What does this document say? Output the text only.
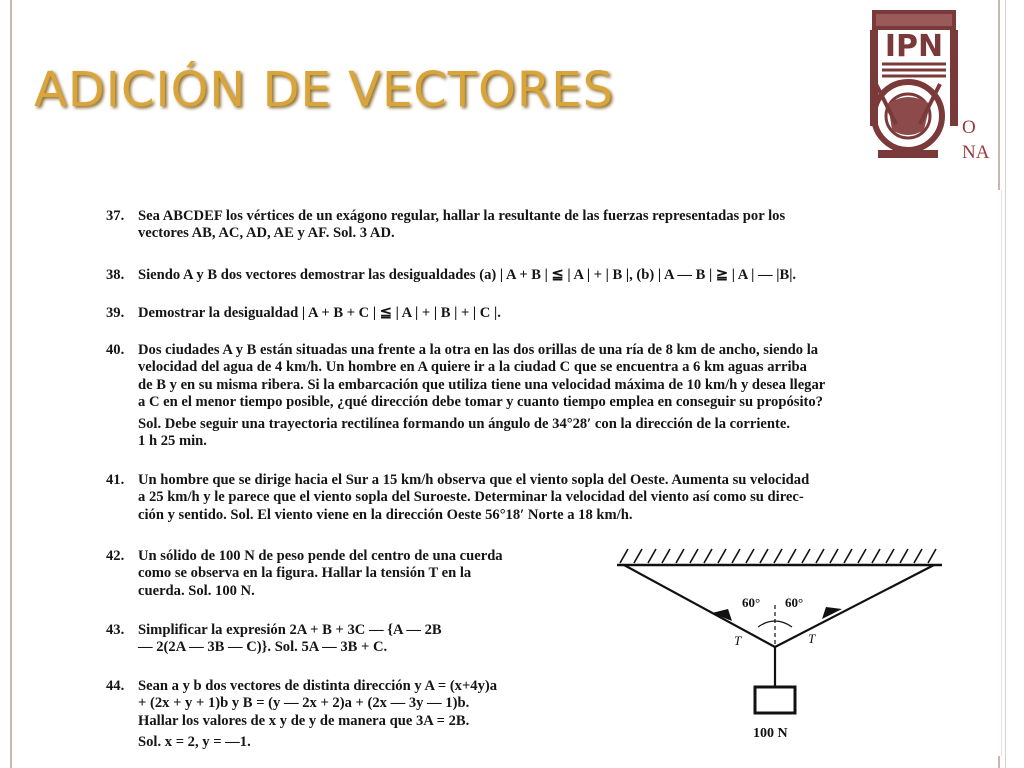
ADICIÓN DE VECTORES
IPN
O
NA
37. Sea ABCDEF los vértices de un exágono regular, hallar la resultante de las fuerzas representadas por los

vectores AB, AC, AD, AE y AF. Sol. 3 AD.

38. Siendo A y B dos vectores demostrar las desigualdades (a) | A + B | ≦ | A | + | B |, (b) | A — B | ≧ | A | — |B|.

39. Demostrar la desigualdad | A + B + C | ≦ | A | + | B | + | C |.

40. Dos ciudades A y B están situadas una frente a la otra en las dos orillas de una ría de 8 km de ancho, siendo la

velocidad del agua de 4 km/h. Un hombre en A quiere ir a la ciudad C que se encuentra a 6 km aguas arriba

de B y en su misma ribera. Si la embarcación que utiliza tiene una velocidad máxima de 10 km/h y desea llegar

a C en el menor tiempo posible, ¿qué dirección debe tomar y cuanto tiempo emplea en conseguir su propósito?

Sol. Debe seguir una trayectoria rectilínea formando un ángulo de 34°28′ con la dirección de la corriente.

1 h 25 min.

41. Un hombre que se dirige hacia el Sur a 15 km/h observa que el viento sopla del Oeste. Aumenta su velocidad

a 25 km/h y le parece que el viento sopla del Suroeste. Determinar la velocidad del viento así como su direc-

ción y sentido. Sol. El viento viene en la dirección Oeste 56°18′ Norte a 18 km/h.

42. Un sólido de 100 N de peso pende del centro de una cuerda

como se observa en la figura. Hallar la tensión T en la

cuerda. Sol. 100 N.

43. Simplificar la expresión 2A + B + 3C — {A — 2B

— 2(2A — 3B — C)}. Sol. 5A — 3B + C.

44. Sean a y b dos vectores de distinta dirección y A = (x+4y)a

+ (2x + y + 1)b y B = (y — 2x + 2)a + (2x — 3y — 1)b.

Hallar los valores de x y de y de manera que 3A = 2B.

Sol. x = 2, y = —1.

60° 60°
T	T
100 N
